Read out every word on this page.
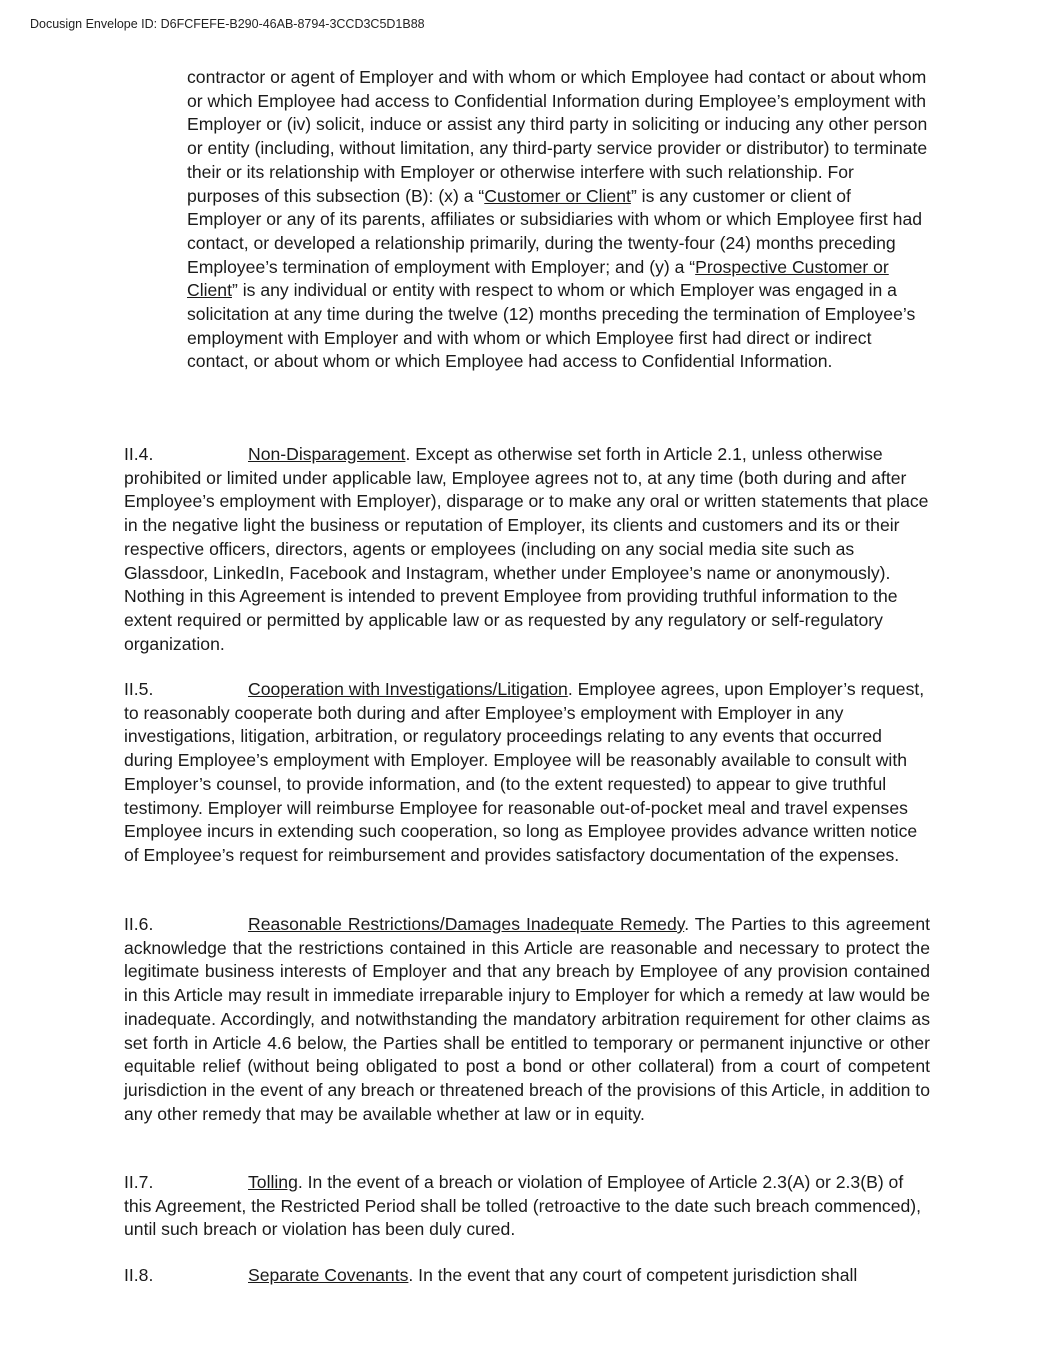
Docusign Envelope ID: D6FCFEFE-B290-46AB-8794-3CCD3C5D1B88

contractor or agent of Employer and with whom or which Employee had contact or about whom or which Employee had access to Confidential Information during Employee’s employment with Employer or (iv) solicit, induce or assist any third party in soliciting or inducing any other person or entity (including, without limitation, any third-party service provider or distributor) to terminate their or its relationship with Employer or otherwise interfere with such relationship. For purposes of this subsection (B): (x) a “Customer or Client” is any customer or client of Employer or any of its parents, affiliates or subsidiaries with whom or which Employee first had contact, or developed a relationship primarily, during the twenty-four (24) months preceding Employee’s termination of employment with Employer; and (y) a “Prospective Customer or Client” is any individual or entity with respect to whom or which Employer was engaged in a solicitation at any time during the twelve (12) months preceding the termination of Employee’s employment with Employer and with whom or which Employee first had direct or indirect contact, or about whom or which Employee had access to Confidential Information.

II.4.	Non-Disparagement. Except as otherwise set forth in Article 2.1, unless otherwise prohibited or limited under applicable law, Employee agrees not to, at any time (both during and after Employee’s employment with Employer), disparage or to make any oral or written statements that place in the negative light the business or reputation of Employer, its clients and customers and its or their respective officers, directors, agents or employees (including on any social media site such as Glassdoor, LinkedIn, Facebook and Instagram, whether under Employee’s name or anonymously). Nothing in this Agreement is intended to prevent Employee from providing truthful information to the extent required or permitted by applicable law or as requested by any regulatory or self-regulatory organization.

II.5.	Cooperation with Investigations/Litigation. Employee agrees, upon Employer’s request, to reasonably cooperate both during and after Employee’s employment with Employer in any investigations, litigation, arbitration, or regulatory proceedings relating to any events that occurred during Employee’s employment with Employer. Employee will be reasonably available to consult with Employer’s counsel, to provide information, and (to the extent requested) to appear to give truthful testimony. Employer will reimburse Employee for reasonable out-of-pocket meal and travel expenses Employee incurs in extending such cooperation, so long as Employee provides advance written notice of Employee’s request for reimbursement and provides satisfactory documentation of the expenses.

II.6.	Reasonable Restrictions/Damages Inadequate Remedy. The Parties to this agreement acknowledge that the restrictions contained in this Article are reasonable and necessary to protect the legitimate business interests of Employer and that any breach by Employee of any provision contained in this Article may result in immediate irreparable injury to Employer for which a remedy at law would be inadequate. Accordingly, and notwithstanding the mandatory arbitration requirement for other claims as set forth in Article 4.6 below, the Parties shall be entitled to temporary or permanent injunctive or other equitable relief (without being obligated to post a bond or other collateral) from a court of competent jurisdiction in the event of any breach or threatened breach of the provisions of this Article, in addition to any other remedy that may be available whether at law or in equity.

II.7.	Tolling. In the event of a breach or violation of Employee of Article 2.3(A) or 2.3(B) of this Agreement, the Restricted Period shall be tolled (retroactive to the date such breach commenced), until such breach or violation has been duly cured.

II.8.	Separate Covenants. In the event that any court of competent jurisdiction shall
